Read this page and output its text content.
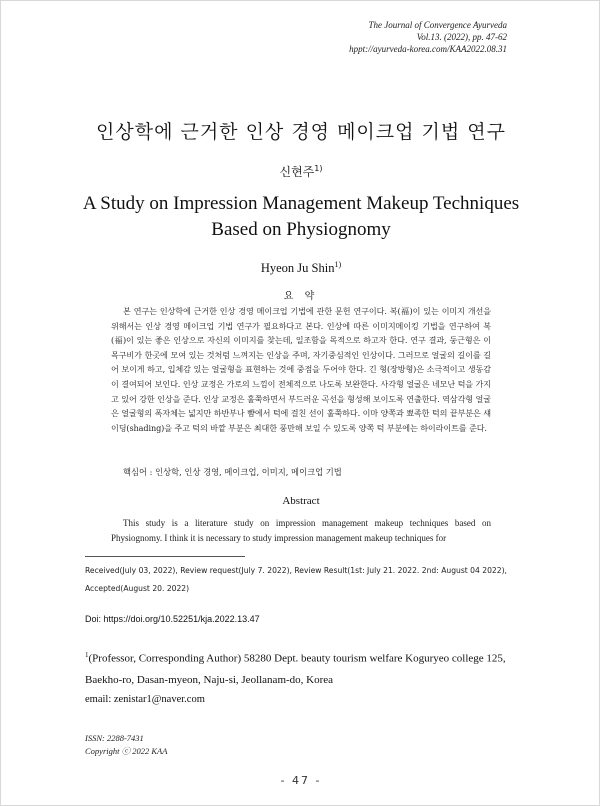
The Journal of Convergence Ayurveda
Vol.13. (2022), pp. 47-62
hppt://ayurveda-korea.com/KAA2022.08.31
인상학에 근거한 인상 경영 메이크업 기법 연구
신현주$^{1)}$
A Study on Impression Management Makeup Techniques
Based on Physiognomy
Hyeon Ju Shin$^{1)}$
요 약
본 연구는 인상학에 근거한 인상 경영 메이크업 기법에 관한 문헌 연구이다. 복(福)이 있는 이미지 개선을 위해서는 인상 경영 메이크업 기법 연구가 필요하다고 본다. 인상에 따른 이미지메이킹 기법을 연구하여 복(福)이 있는 좋은 인상으로 자신의 이미지를 찾는데, 일조함을 목적으로 하고자 한다. 연구 결과, 둥근형은 이목구비가 한곳에 모여 있는 것처럼 느껴지는 인상을 주며, 자기중심적인 인상이다. 그러므로 얼굴의 길이를 길어 보이게 하고, 입체감 있는 얼굴형을 표현하는 것에 중점을 두어야 한다. 긴 형(장방형)은 소극적이고 생동감이 결여되어 보인다. 인상 교정은 가로의 느낌이 전체적으로 나도록 보완한다. 사각형 얼굴은 네모난 턱을 가지고 있어 강한 인상을 준다. 인상 교정은 훌쭉하면서 부드러운 곡선을 형성해 보이도록 연출한다. 역삼각형 얼굴은 얼굴형의 폭자체는 넓지만 하반부나 뺨에서 턱에 걸친 선이 훌쭉하다. 이마 양쪽과 뾰족한 턱의 끝부분은 섀이딩(shading)을 주고 턱의 바깥 부분은 최대한 풍만해 보일 수 있도록 양쪽 턱 부분에는 하이라이트를 준다.
핵심어 : 인상학, 인상 경영, 메이크업, 이미지, 메이크업 기법
Abstract
This study is a literature study on impression management makeup techniques based on Physiognomy. I think it is necessary to study impression management makeup techniques for
Received(July 03, 2022), Review request(July 7. 2022), Review Result(1st: July 21. 2022. 2nd: August 04 2022), Accepted(August 20. 2022)
Doi: https://doi.org/10.52251/kja.2022.13.47
$^1$(Professor, Corresponding Author) 58280 Dept. beauty tourism welfare Koguryeo college 125, Baekho-ro, Dasan-myeon, Naju-si, Jeollanam-do, Korea
email: zenistar1@naver.com
ISSN: 2288-7431
Copyright ⓒ 2022 KAA
- 47 -
